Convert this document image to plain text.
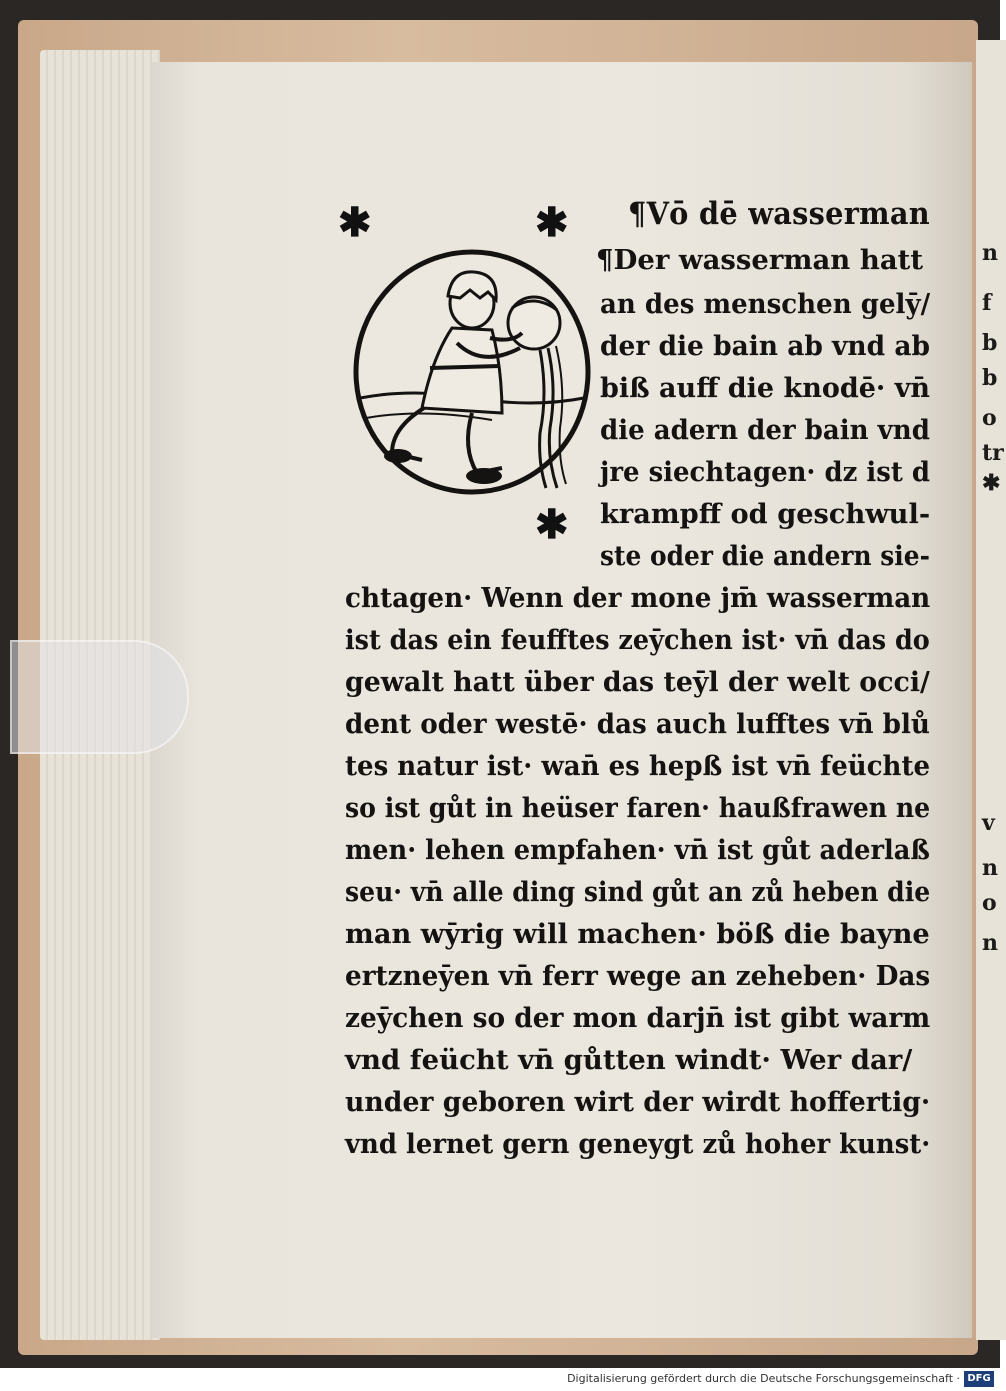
n
f
b
b
o
tr
✱
v
n
o
n
✱	✱
✱
¶Vō dē wasserman
¶Der wasserman hatt
an des menschen gelȳ/
der die bain ab vnd ab
biß auff die knodē· vn̄
die adern der bain vnd
jre siechtagen· dz ist d
krampff od geschwul-
ste oder die andern sie-
chtagen· Wenn der mone jm̄ wasserman
ist das ein feufftes zeȳchen ist· vn̄ das do
gewalt hatt über das teȳl der welt occi/
dent oder westē· das auch lufftes vn̄ blů
tes natur ist· wan̄ es hepß ist vn̄ feüchte
so ist gůt in heüser faren· haußfrawen ne
men· lehen empfahen· vn̄ ist gůt aderlaß
seu· vn̄ alle ding sind gůt an zů heben die
man wȳrig will machen· böß die bayne
ertzneȳen vn̄ ferr wege an zeheben· Das
zeȳchen so der mon darjn̄ ist gibt warm
vnd feücht vn̄ gůtten windt· Wer dar/
under geboren wirt der wirdt hoffertig·
vnd lernet gern geneygt zů hoher kunst·
Digitalisierung gefördert durch die Deutsche Forschungsgemeinschaft · DFG
